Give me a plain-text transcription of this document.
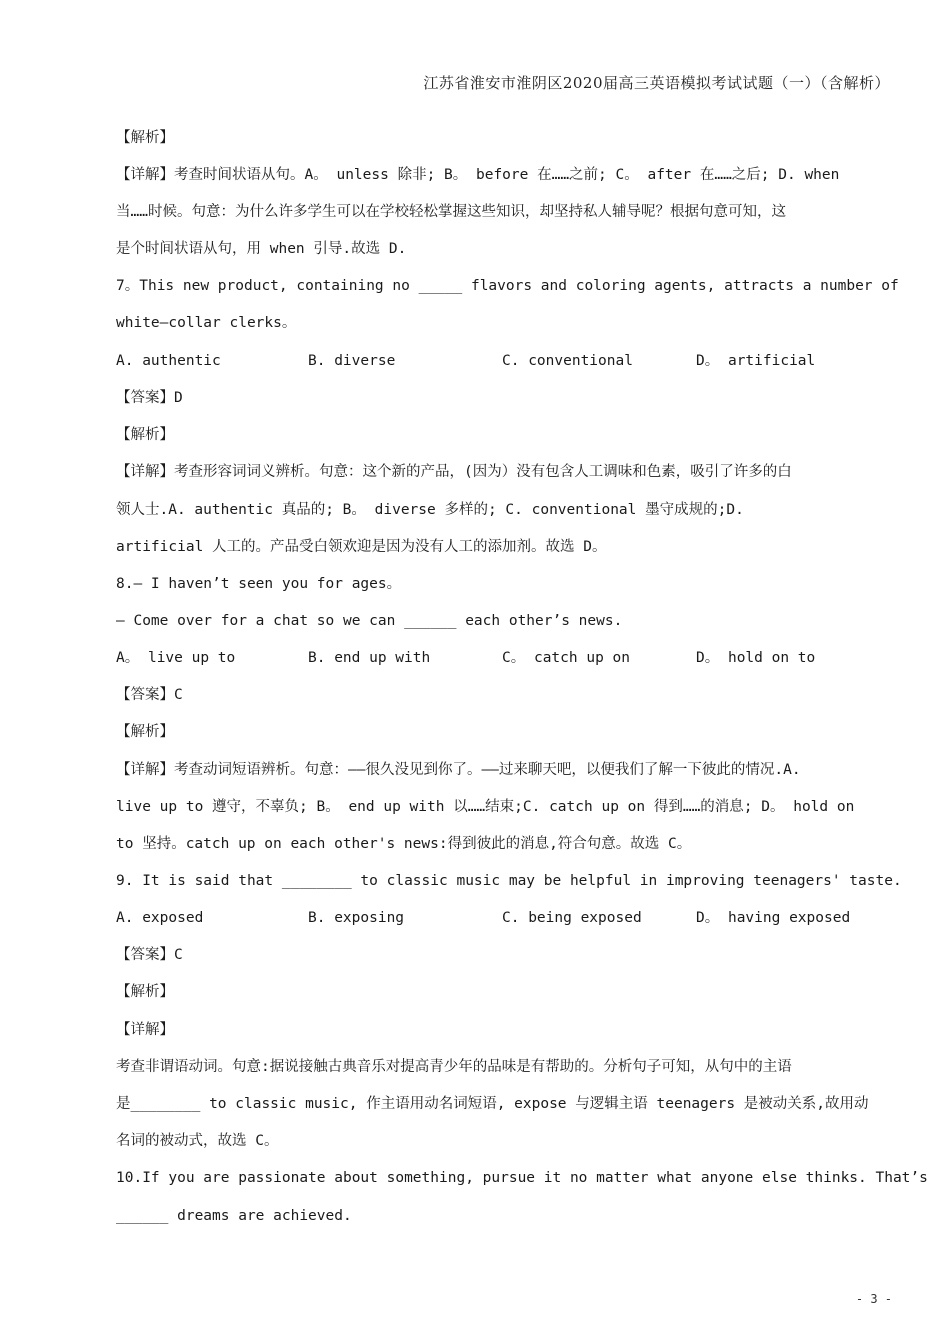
江苏省淮安市淮阴区2020届高三英语模拟考试试题（一）（含解析）
【解析】
【详解】考查时间状语从句。A。 unless 除非; B。 before 在……之前; C。 after 在……之后; D. when
当……时候。句意：为什么许多学生可以在学校轻松掌握这些知识，却坚持私人辅导呢？根据句意可知，这
是个时间状语从句，用 when 引导.故选 D.
7。This new product, containing no _____ flavors and coloring agents, attracts a number of
white—collar clerks。
A. authentic	B. diverse	C. conventional	D。 artificial
【答案】D
【解析】
【详解】考查形容词词义辨析。句意：这个新的产品，(因为）没有包含人工调味和色素，吸引了许多的白
领人士.A. authentic 真品的; B。 diverse 多样的; C. conventional 墨守成规的;D.
artificial 人工的。产品受白领欢迎是因为没有人工的添加剂。故选 D。
8.— I haven’t seen you for ages。
— Come over for a chat so we can ______ each other’s news.
A。 live up to	B. end up with	C。 catch up on	D。 hold on to
【答案】C
【解析】
【详解】考查动词短语辨析。句意：——很久没见到你了。——过来聊天吧，以便我们了解一下彼此的情况.A.
live up to 遵守，不辜负; B。 end up with 以……结束;C. catch up on 得到……的消息; D。 hold on
to 坚持。catch up on each other's news:得到彼此的消息,符合句意。故选 C。
9. It is said that ________ to classic music may be helpful in improving teenagers' taste.
A. exposed	B. exposing	C. being exposed	D。 having exposed
【答案】C
【解析】
【详解】
考查非谓语动词。句意:据说接触古典音乐对提高青少年的品味是有帮助的。分析句子可知，从句中的主语
是________ to classic music, 作主语用动名词短语, expose 与逻辑主语 teenagers 是被动关系,故用动
名词的被动式，故选 C。
10.If you are passionate about something, pursue it no matter what anyone else thinks. That’s
______ dreams are achieved.
- 3 -
